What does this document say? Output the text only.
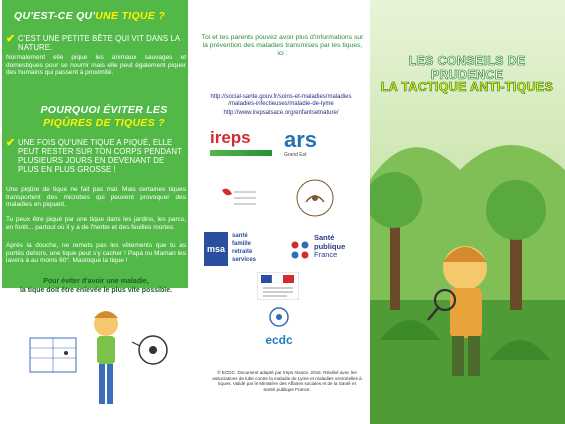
QU'EST-CE QU'UNE TIQUE ?
✔ C'EST UNE PETITE BÊTE QUI VIT DANS LA NATURE.
Normalement elle pique les animaux sauvages et domestiques pour se nourrir mais elle peut également piquer des humains qui passent à proximité.
POURQUOI ÉVITER LES
PIQÛRES DE TIQUES ?
✔ UNE FOIS QU'UNE TIQUE A PIQUÉ, ELLE PEUT RESTER SUR TON CORPS PENDANT PLUSIEURS JOURS EN DEVENANT DE PLUS EN PLUS GROSSE !
Une piqûre de tique ne fait pas mal. Mais certaines tiques transportent des microbes qui peuvent provoquer des maladies en piquant.
Tu peux être piqué par une tique dans les jardins, les parcs, en forêt... partout où il y a de l'herbe et des feuilles mortes.
Après la douche, ne remets pas les vêtements que tu as portés dehors, une tique peut s'y cacher ! Papa ou Maman les lavera à au moins 60°. Mastoque la tique !
Pour éviter d'avoir une maladie,
la tique doit être enlevée le plus vite possible.
Toi et tes parents pouvez avoir plus d'informations sur la prévention des maladies transmises par les tiques, ici :
http://social-sante.gouv.fr/soins-et-maladies/maladies
/maladies-infectieuses/maladie-de-lyme
http://www.irepsalsace.org/enfantsetnature/
ireps	ars
Grand Est
msa
santé
famille
retraite
services
Santé
publique
France
ecdc
© ECDC. Document adapté par Ireps Alsace, 2016. Réalisé avec les associations de lutte contre la maladie de Lyme et maladies vectorielles à tiques. Validé par le Ministère des Affaires sociales et de la Santé et Santé publique France.
LES CONSEILS DE PRUDENCE
LA TACTIQUE ANTI-TIQUES
